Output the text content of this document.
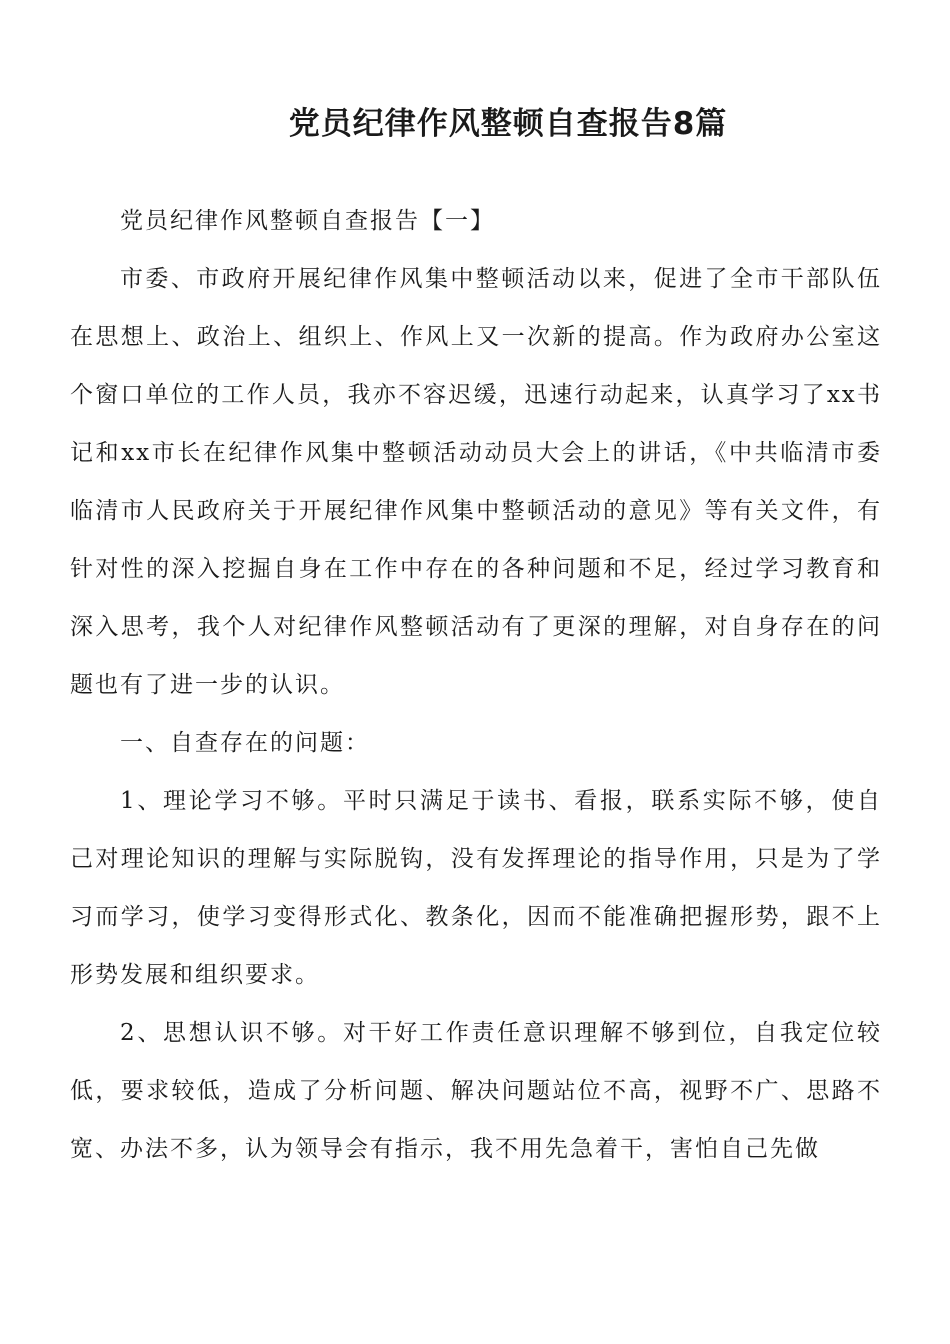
党员纪律作风整顿自查报告8篇

党员纪律作风整顿自查报告【一】

市委、市政府开展纪律作风集中整顿活动以来，促进了全市干部队伍在思想上、政治上、组织上、作风上又一次新的提高。作为政府办公室这个窗口单位的工作人员，我亦不容迟缓，迅速行动起来，认真学习了xx书记和xx市长在纪律作风集中整顿活动动员大会上的讲话，《中共临清市委临清市人民政府关于开展纪律作风集中整顿活动的意见》等有关文件，有针对性的深入挖掘自身在工作中存在的各种问题和不足，经过学习教育和深入思考，我个人对纪律作风整顿活动有了更深的理解，对自身存在的问题也有了进一步的认识。

一、自查存在的问题：

1、理论学习不够。平时只满足于读书、看报，联系实际不够，使自己对理论知识的理解与实际脱钩，没有发挥理论的指导作用，只是为了学习而学习，使学习变得形式化、教条化，因而不能准确把握形势，跟不上形势发展和组织要求。

2、思想认识不够。对干好工作责任意识理解不够到位，自我定位较低，要求较低，造成了分析问题、解决问题站位不高，视野不广、思路不宽、办法不多，认为领导会有指示，我不用先急着干，害怕自己先做
